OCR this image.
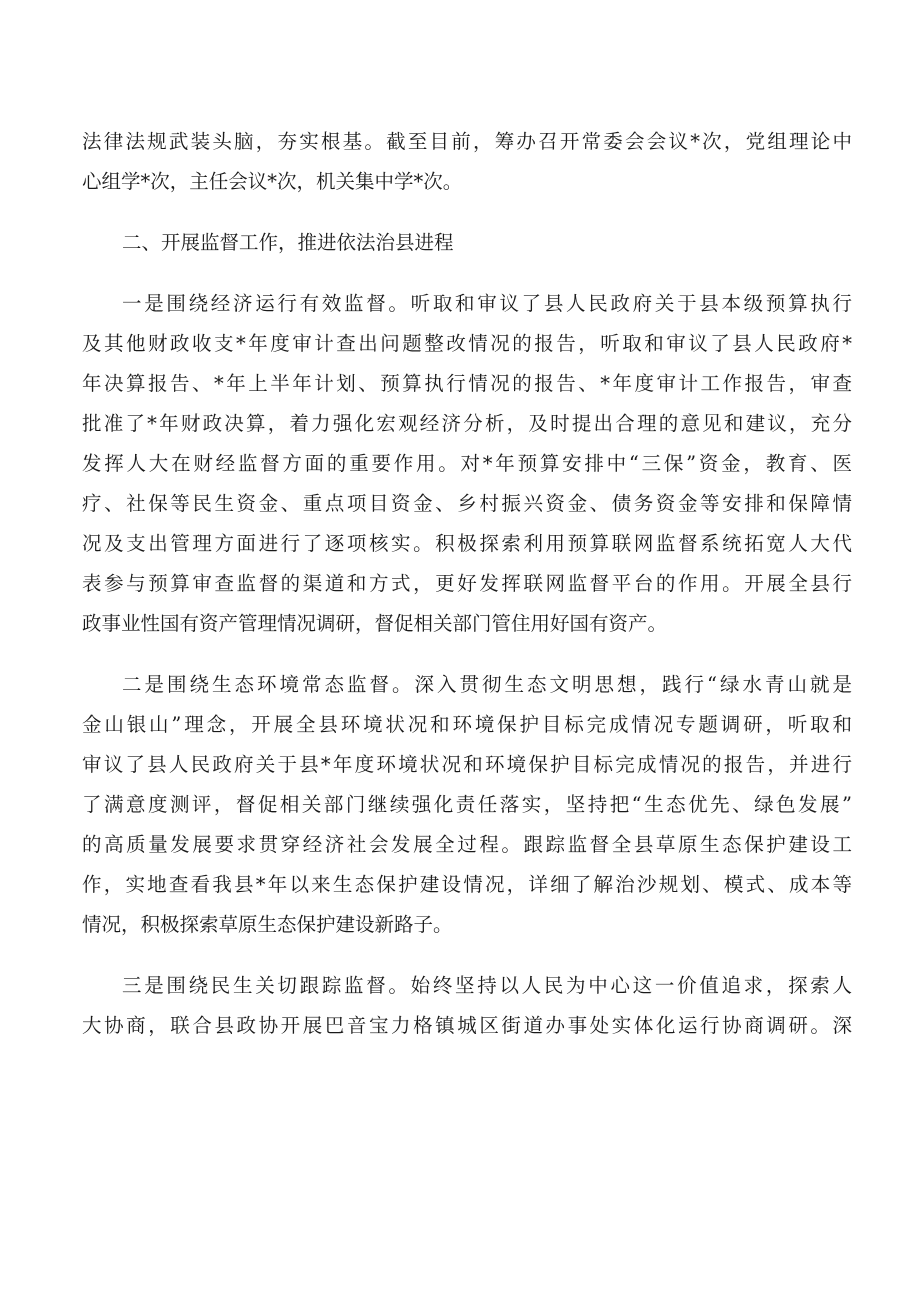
法律法规武装头脑，夯实根基。截至目前，筹办召开常委会会议*次，党组理论中
心组学*次，主任会议*次，机关集中学*次。
二、开展监督工作，推进依法治县进程
一是围绕经济运行有效监督。听取和审议了县人民政府关于县本级预算执行
及其他财政收支*年度审计查出问题整改情况的报告，听取和审议了县人民政府*
年决算报告、*年上半年计划、预算执行情况的报告、*年度审计工作报告，审查
批准了*年财政决算，着力强化宏观经济分析，及时提出合理的意见和建议，充分
发挥人大在财经监督方面的重要作用。对*年预算安排中“三保”资金，教育、医
疗、社保等民生资金、重点项目资金、乡村振兴资金、债务资金等安排和保障情
况及支出管理方面进行了逐项核实。积极探索利用预算联网监督系统拓宽人大代
表参与预算审查监督的渠道和方式，更好发挥联网监督平台的作用。开展全县行
政事业性国有资产管理情况调研，督促相关部门管住用好国有资产。
二是围绕生态环境常态监督。深入贯彻生态文明思想，践行“绿水青山就是
金山银山”理念，开展全县环境状况和环境保护目标完成情况专题调研，听取和
审议了县人民政府关于县*年度环境状况和环境保护目标完成情况的报告，并进行
了满意度测评，督促相关部门继续强化责任落实，坚持把“生态优先、绿色发展”
的高质量发展要求贯穿经济社会发展全过程。跟踪监督全县草原生态保护建设工
作，实地查看我县*年以来生态保护建设情况，详细了解治沙规划、模式、成本等
情况，积极探索草原生态保护建设新路子。
三是围绕民生关切跟踪监督。始终坚持以人民为中心这一价值追求，探索人
大协商，联合县政协开展巴音宝力格镇城区街道办事处实体化运行协商调研。深
